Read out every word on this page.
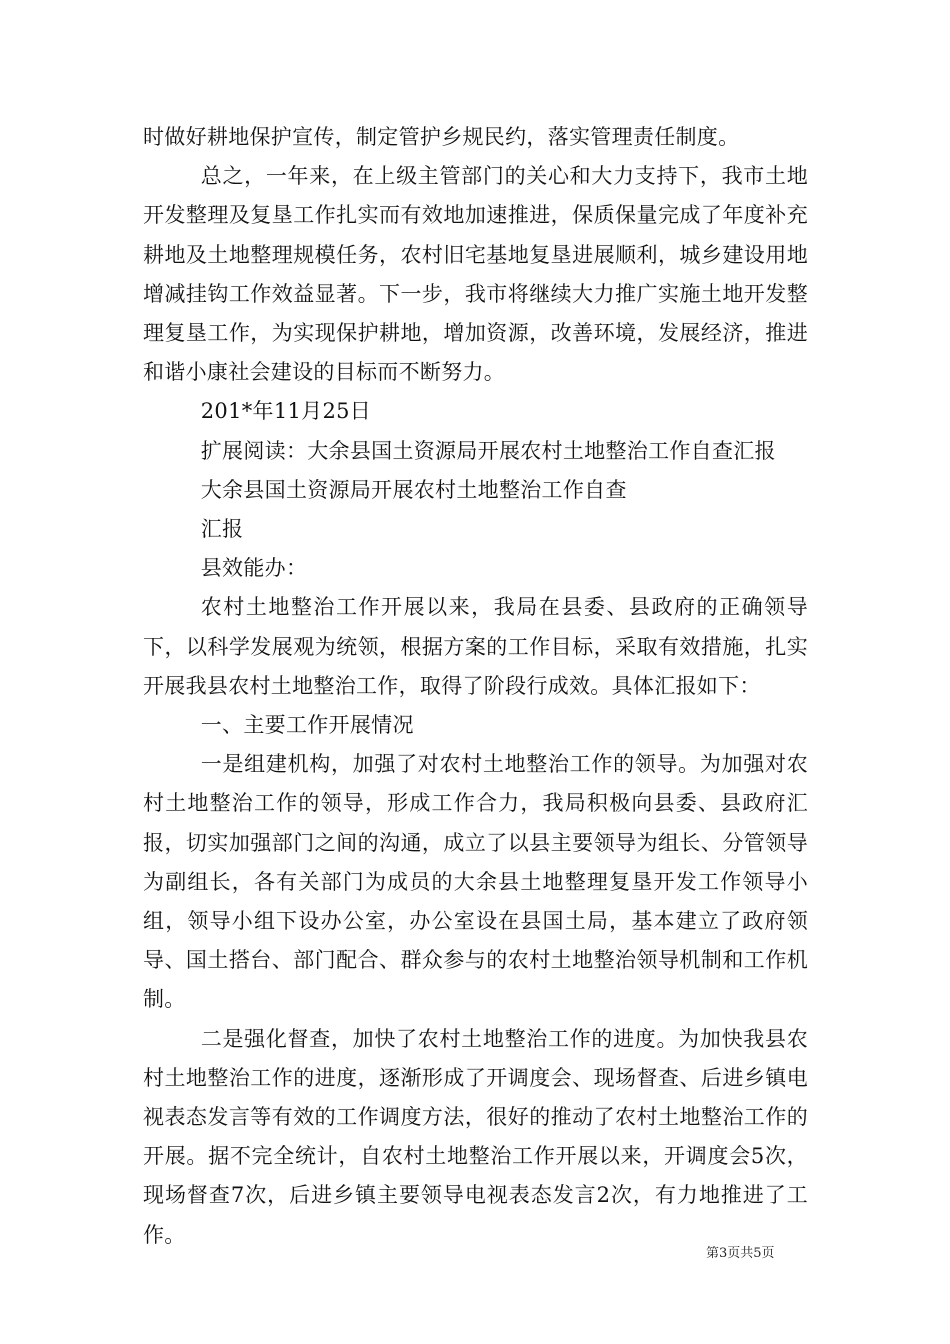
时做好耕地保护宣传，制定管护乡规民约，落实管理责任制度。

总之，一年来，在上级主管部门的关心和大力支持下，我市土地开发整理及复垦工作扎实而有效地加速推进，保质保量完成了年度补充耕地及土地整理规模任务，农村旧宅基地复垦进展顺利，城乡建设用地增减挂钩工作效益显著。下一步，我市将继续大力推广实施土地开发整理复垦工作，为实现保护耕地，增加资源，改善环境，发展经济，推进和谐小康社会建设的目标而不断努力。

201*年11月25日

扩展阅读：大余县国土资源局开展农村土地整治工作自查汇报

大余县国土资源局开展农村土地整治工作自查

汇报

县效能办：

农村土地整治工作开展以来，我局在县委、县政府的正确领导下，以科学发展观为统领，根据方案的工作目标，采取有效措施，扎实开展我县农村土地整治工作，取得了阶段行成效。具体汇报如下：

一、主要工作开展情况

一是组建机构，加强了对农村土地整治工作的领导。为加强对农村土地整治工作的领导，形成工作合力，我局积极向县委、县政府汇报，切实加强部门之间的沟通，成立了以县主要领导为组长、分管领导为副组长，各有关部门为成员的大余县土地整理复垦开发工作领导小组，领导小组下设办公室，办公室设在县国土局，基本建立了政府领导、国土搭台、部门配合、群众参与的农村土地整治领导机制和工作机制。

二是强化督查，加快了农村土地整治工作的进度。为加快我县农村土地整治工作的进度，逐渐形成了开调度会、现场督查、后进乡镇电视表态发言等有效的工作调度方法，很好的推动了农村土地整治工作的开展。据不完全统计，自农村土地整治工作开展以来，开调度会5次，现场督查7次，后进乡镇主要领导电视表态发言2次，有力地推进了工作。

第3页共5页
